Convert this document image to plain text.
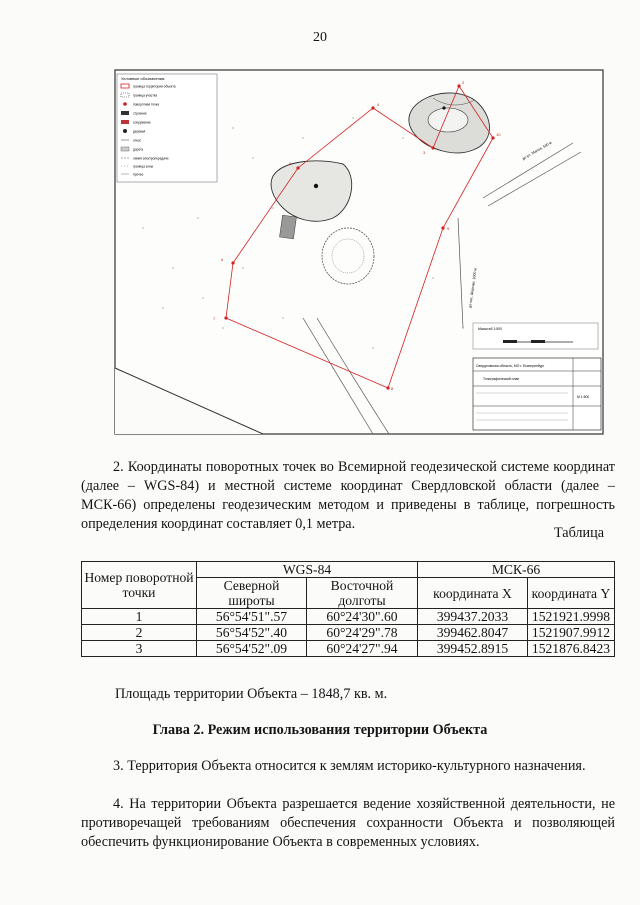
20
Условные обозначения:
граница территории объекта
граница участка
поворотная точка
строение
сооружение
деревья
откос
дорога
линия электропередачи
граница зоны
прочее
до ул. Малое, 500 м
до пос. Шарташ, 1000 м
2
3
4
5
6
7
8
9
10
Масштаб 1:500
Свердловская область, МО г. Екатеринбург
Топографический план
М 1:500
2. Координаты поворотных точек во Всемирной геодезической системе координат (далее – WGS-84) и местной системе координат Свердловской области (далее – МСК-66) определены геодезическим методом и приведены в таблице, погрешность определения координат составляет 0,1 метра.
Таблица
Номер поворотной точки	WGS-84		МСК-66	
	Северной широты	Восточной долготы	координата X	координата Y
1	56°54'51".57	60°24'30".60	399437.2033	1521921.9998
2	56°54'52".40	60°24'29".78	399462.8047	1521907.9912
3	56°54'52".09	60°24'27".94	399452.8915	1521876.8423
Площадь территории Объекта – 1848,7 кв. м.
Глава 2. Режим использования территории Объекта
3. Территория Объекта относится к землям историко-культурного назначения.
4. На территории Объекта разрешается ведение хозяйственной деятельности, не противоречащей требованиям обеспечения сохранности Объекта и позволяющей обеспечить функционирование Объекта в современных условиях.
